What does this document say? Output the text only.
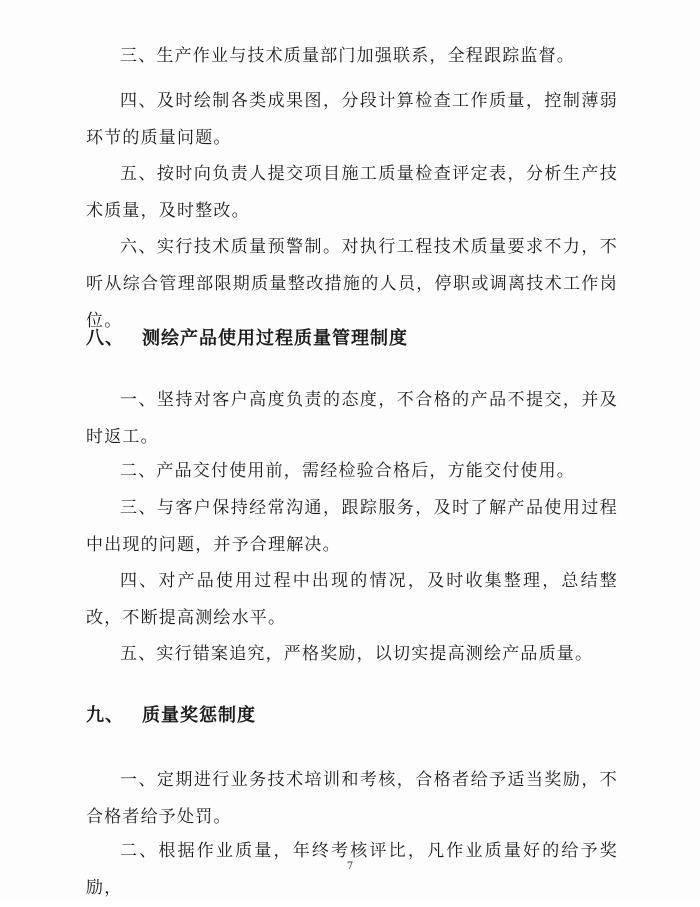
三、生产作业与技术质量部门加强联系，全程跟踪监督。

四、及时绘制各类成果图，分段计算检查工作质量，控制薄弱环节的质量问题。

五、按时向负责人提交项目施工质量检查评定表，分析生产技术质量，及时整改。

六、实行技术质量预警制。对执行工程技术质量要求不力，不听从综合管理部限期质量整改措施的人员，停职或调离技术工作岗位。

八、 测绘产品使用过程质量管理制度

一、坚持对客户高度负责的态度，不合格的产品不提交，并及时返工。

二、产品交付使用前，需经检验合格后，方能交付使用。

三、与客户保持经常沟通，跟踪服务，及时了解产品使用过程中出现的问题，并予合理解决。

四、对产品使用过程中出现的情况，及时收集整理，总结整改，不断提高测绘水平。

五、实行错案追究，严格奖励，以切实提高测绘产品质量。

九、 质量奖惩制度

一、定期进行业务技术培训和考核，合格者给予适当奖励，不合格者给予处罚。

二、根据作业质量，年终考核评比，凡作业质量好的给予奖励，

7
